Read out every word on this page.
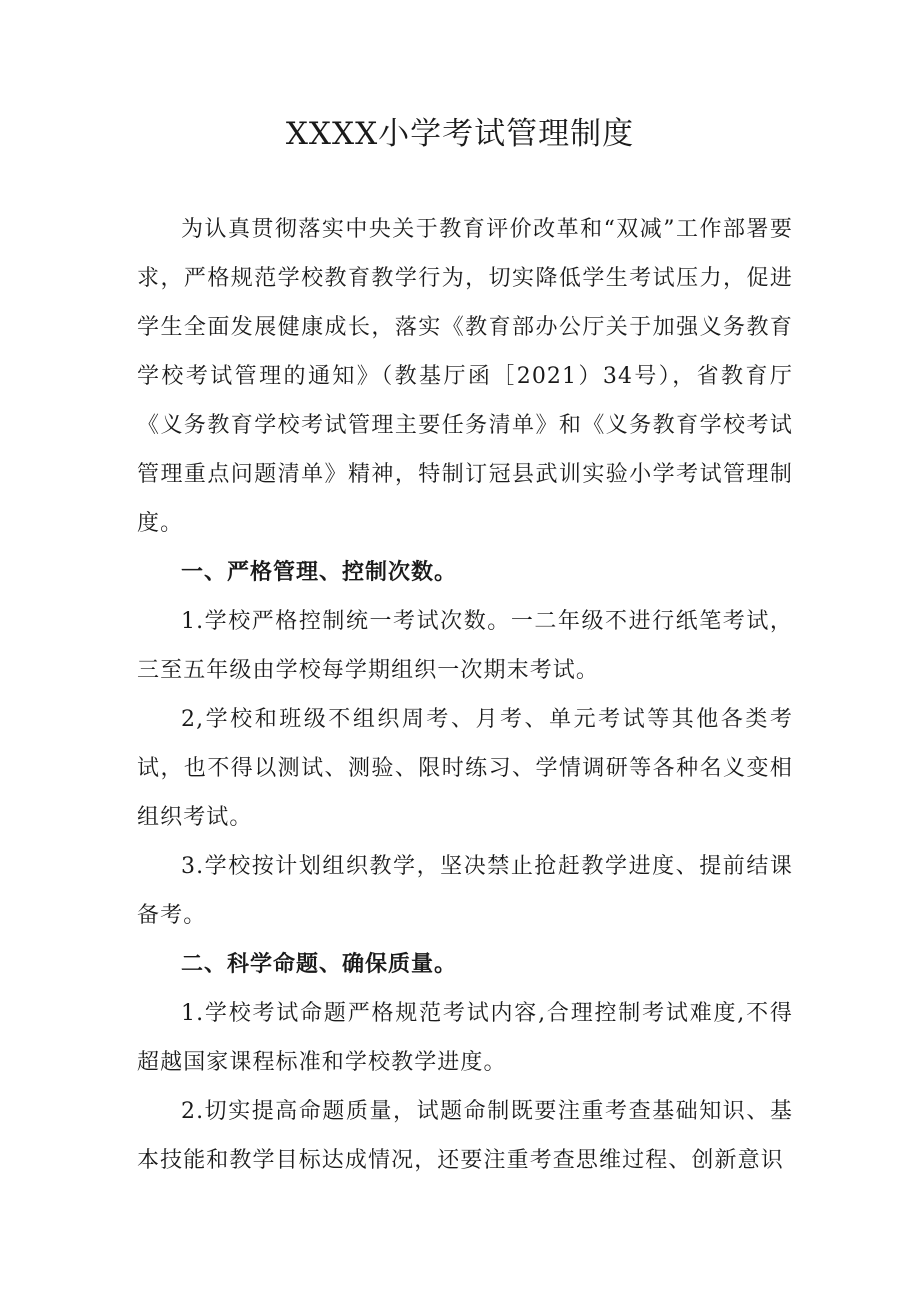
XXXX小学考试管理制度

为认真贯彻落实中央关于教育评价改革和“双减”工作部署要求，严格规范学校教育教学行为，切实降低学生考试压力，促进学生全面发展健康成长，落实《教育部办公厅关于加强义务教育学校考试管理的通知》（教基厅函［2021）34号），省教育厅《义务教育学校考试管理主要任务清单》和《义务教育学校考试管理重点问题清单》精神，特制订冠县武训实验小学考试管理制度。

一、严格管理、控制次数。

1.学校严格控制统一考试次数。一二年级不进行纸笔考试，三至五年级由学校每学期组织一次期末考试。

2,学校和班级不组织周考、月考、单元考试等其他各类考试，也不得以测试、测验、限时练习、学情调研等各种名义变相组织考试。

3.学校按计划组织教学，坚决禁止抢赶教学进度、提前结课备考。

二、科学命题、确保质量。

1.学校考试命题严格规范考试内容,合理控制考试难度,不得超越国家课程标准和学校教学进度。

2.切实提高命题质量，试题命制既要注重考查基础知识、基本技能和教学目标达成情况，还要注重考查思维过程、创新意识
